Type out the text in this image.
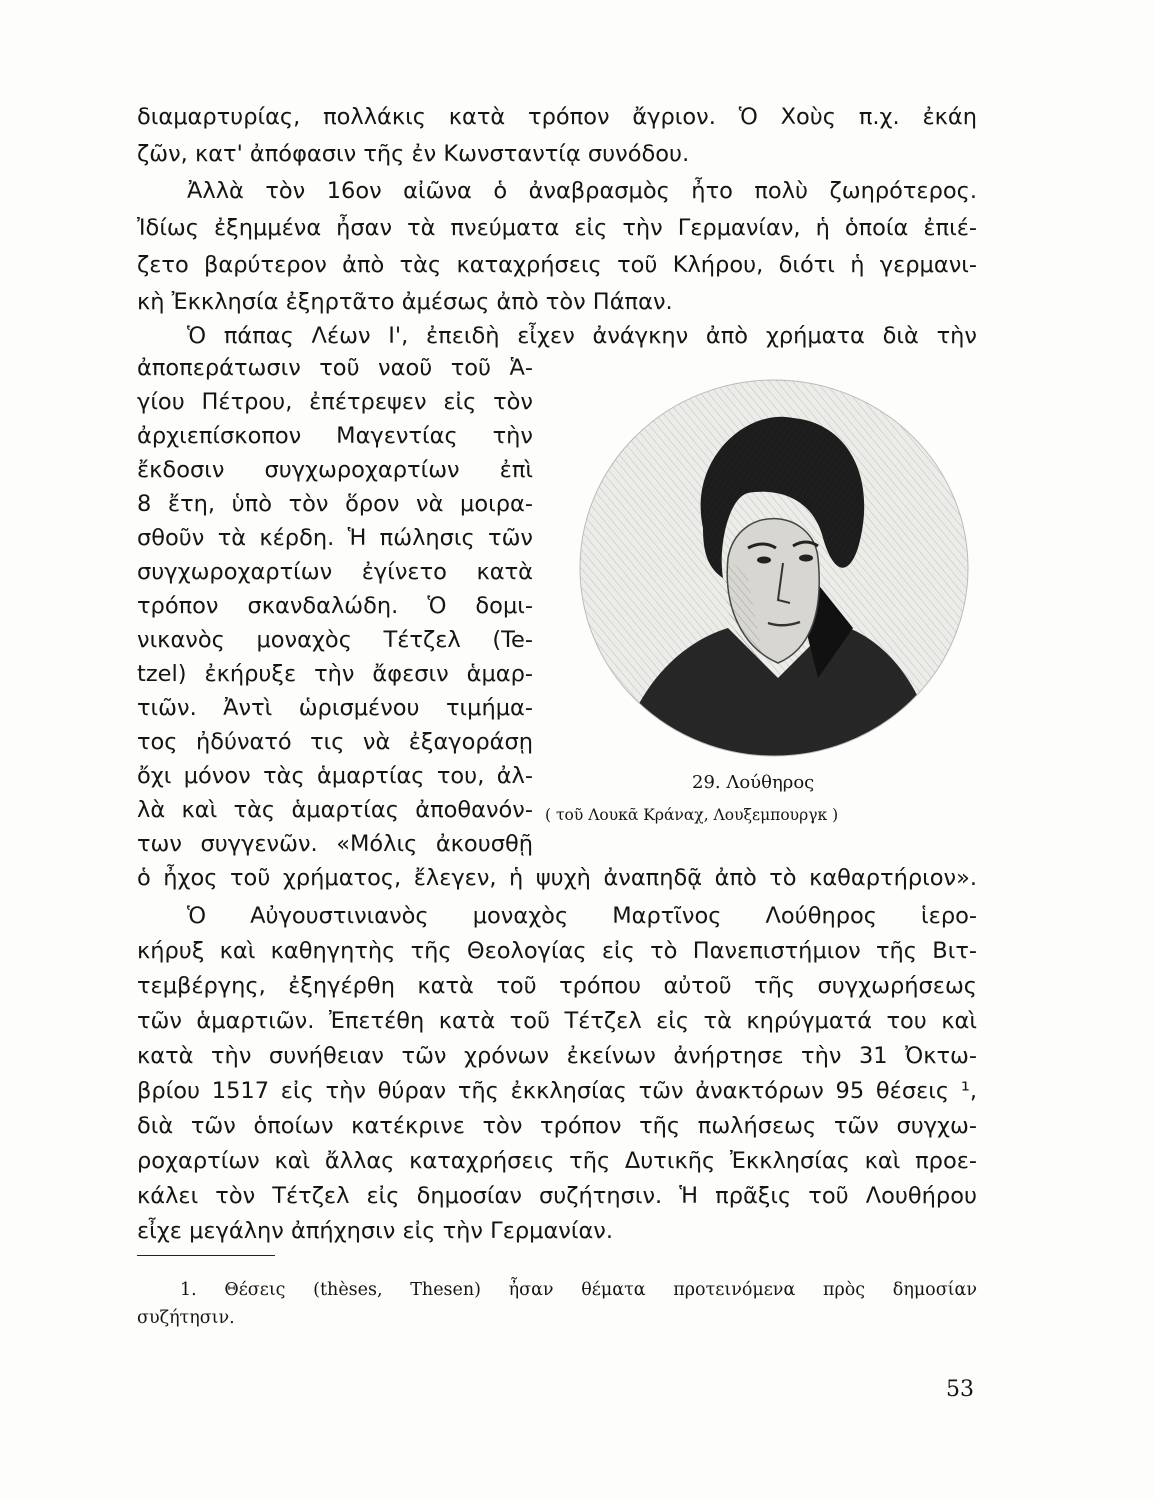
διαμαρτυρίας, πολλάκις κατὰ τρόπον ἄγριον. Ὁ Χοὺς π.χ. ἐκάη
ζῶν, κατ' ἀπόφασιν τῆς ἐν Κωνσταντίᾳ συνόδου.
Ἀλλὰ τὸν 16ον αἰῶνα ὁ ἀναβρασμὸς ἦτο πολὺ ζωηρότερος.
Ἰδίως ἐξημμένα ἦσαν τὰ πνεύματα εἰς τὴν Γερμανίαν, ἡ ὁποία ἐπιέ-
ζετο βαρύτερον ἀπὸ τὰς καταχρήσεις τοῦ Κλήρου, διότι ἡ γερμανι-
κὴ Ἐκκλησία ἐξηρτᾶτο ἀμέσως ἀπὸ τὸν Πάπαν.
Ὁ πάπας Λέων Ι', ἐπειδὴ εἶχεν ἀνάγκην ἀπὸ χρήματα διὰ τὴν
ἀποπεράτωσιν τοῦ ναοῦ τοῦ Ἁ-
γίου Πέτρου, ἐπέτρεψεν εἰς τὸν
ἀρχιεπίσκοπον Μαγεντίας τὴν
ἔκδοσιν συγχωροχαρτίων ἐπὶ
8 ἔτη, ὑπὸ τὸν ὅρον νὰ μοιρα-
σθοῦν τὰ κέρδη. Ἡ πώλησις τῶν
συγχωροχαρτίων ἐγίνετο κατὰ
τρόπον σκανδαλώδη. Ὁ δομι-
νικανὸς μοναχὸς Τέτζελ (Te-
tzel) ἐκήρυξε τὴν ἄφεσιν ἁμαρ-
τιῶν. Ἀντὶ ὡρισμένου τιμήμα-
τος ἠδύνατό τις νὰ ἐξαγοράσῃ
ὄχι μόνον τὰς ἁμαρτίας του, ἀλ-
λὰ καὶ τὰς ἁμαρτίας ἀποθανόν-
των συγγενῶν. «Μόλις ἀκουσθῇ
ὁ ἦχος τοῦ χρήματος, ἔλεγεν, ἡ ψυχὴ ἀναπηδᾷ ἀπὸ τὸ καθαρτήριον».
Ὁ Αὐγουστινιανὸς μοναχὸς Μαρτῖνος Λούθηρος ἱερο-
κήρυξ καὶ καθηγητὴς τῆς Θεολογίας εἰς τὸ Πανεπιστήμιον τῆς Βιτ-
τεμβέργης, ἐξηγέρθη κατὰ τοῦ τρόπου αὐτοῦ τῆς συγχωρήσεως
τῶν ἁμαρτιῶν. Ἐπετέθη κατὰ τοῦ Τέτζελ εἰς τὰ κηρύγματά του καὶ
κατὰ τὴν συνήθειαν τῶν χρόνων ἐκείνων ἀνήρτησε τὴν 31 Ὀκτω-
βρίου 1517 εἰς τὴν θύραν τῆς ἐκκλησίας τῶν ἀνακτόρων 95 θέσεις ¹,
διὰ τῶν ὁποίων κατέκρινε τὸν τρόπον τῆς πωλήσεως τῶν συγχω-
ροχαρτίων καὶ ἄλλας καταχρήσεις τῆς Δυτικῆς Ἐκκλησίας καὶ προε-
κάλει τὸν Τέτζελ εἰς δημοσίαν συζήτησιν. Ἡ πρᾶξις τοῦ Λουθήρου
εἶχε μεγάλην ἀπήχησιν εἰς τὴν Γερμανίαν.
29. Λούθηρος
( τοῦ Λουκᾶ Κράναχ, Λουξεμπουργκ )
1. Θέσεις (thèses, Thesen) ἦσαν θέματα προτεινόμενα πρὸς δημοσίαν
συζήτησιν.
53
